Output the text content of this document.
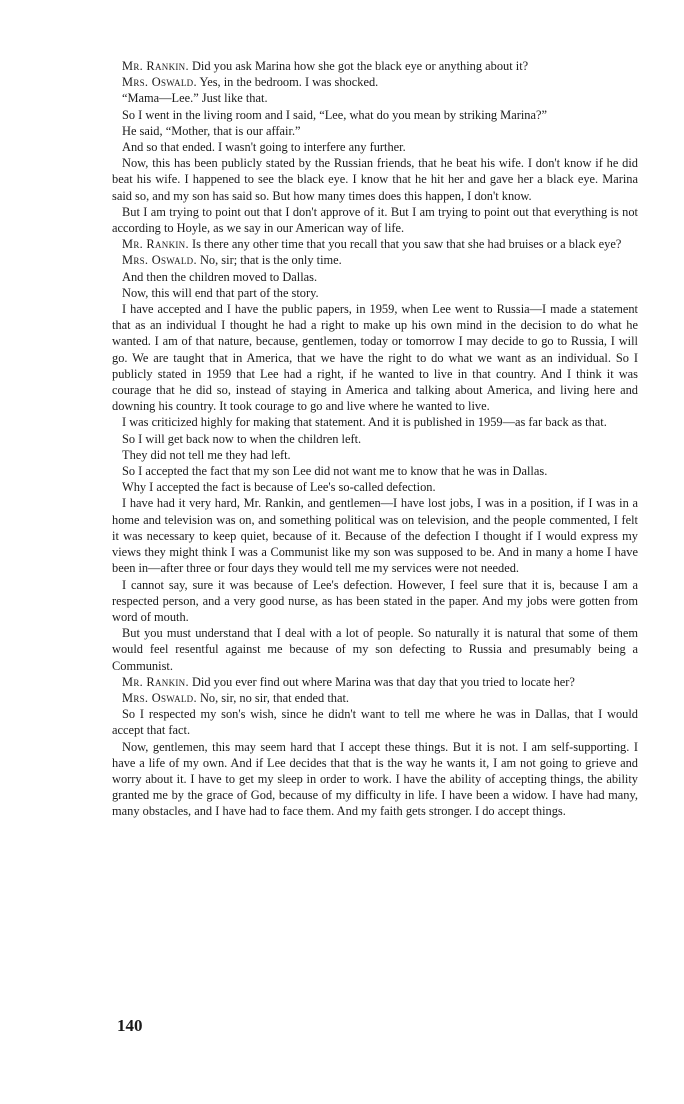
Mr. Rankin. Did you ask Marina how she got the black eye or anything about it?

Mrs. Oswald. Yes, in the bedroom. I was shocked.

“Mama—Lee.” Just like that.

So I went in the living room and I said, “Lee, what do you mean by striking Marina?”

He said, “Mother, that is our affair.”

And so that ended. I wasn't going to interfere any further.

Now, this has been publicly stated by the Russian friends, that he beat his wife. I don't know if he did beat his wife. I happened to see the black eye. I know that he hit her and gave her a black eye. Marina said so, and my son has said so. But how many times does this happen, I don't know.

But I am trying to point out that I don't approve of it. But I am trying to point out that everything is not according to Hoyle, as we say in our American way of life.

Mr. Rankin. Is there any other time that you recall that you saw that she had bruises or a black eye?

Mrs. Oswald. No, sir; that is the only time.

And then the children moved to Dallas.

Now, this will end that part of the story.

I have accepted and I have the public papers, in 1959, when Lee went to Russia—I made a statement that as an individual I thought he had a right to make up his own mind in the decision to do what he wanted. I am of that nature, because, gentlemen, today or tomorrow I may decide to go to Russia, I will go. We are taught that in America, that we have the right to do what we want as an individual. So I publicly stated in 1959 that Lee had a right, if he wanted to live in that country. And I think it was courage that he did so, instead of staying in America and talking about America, and living here and downing his country. It took courage to go and live where he wanted to live.

I was criticized highly for making that statement. And it is published in 1959—as far back as that.

So I will get back now to when the children left.

They did not tell me they had left.

So I accepted the fact that my son Lee did not want me to know that he was in Dallas.

Why I accepted the fact is because of Lee's so-called defection.

I have had it very hard, Mr. Rankin, and gentlemen—I have lost jobs, I was in a position, if I was in a home and television was on, and something political was on television, and the people commented, I felt it was necessary to keep quiet, because of it. Because of the defection I thought if I would express my views they might think I was a Communist like my son was supposed to be. And in many a home I have been in—after three or four days they would tell me my services were not needed.

I cannot say, sure it was because of Lee's defection. However, I feel sure that it is, because I am a respected person, and a very good nurse, as has been stated in the paper. And my jobs were gotten from word of mouth.

But you must understand that I deal with a lot of people. So naturally it is natural that some of them would feel resentful against me because of my son defecting to Russia and presumably being a Communist.

Mr. Rankin. Did you ever find out where Marina was that day that you tried to locate her?

Mrs. Oswald. No, sir, no sir, that ended that.

So I respected my son's wish, since he didn't want to tell me where he was in Dallas, that I would accept that fact.

Now, gentlemen, this may seem hard that I accept these things. But it is not. I am self-supporting. I have a life of my own. And if Lee decides that that is the way he wants it, I am not going to grieve and worry about it. I have to get my sleep in order to work. I have the ability of accepting things, the ability granted me by the grace of God, because of my difficulty in life. I have been a widow. I have had many, many obstacles, and I have had to face them. And my faith gets stronger. I do accept things.

140
